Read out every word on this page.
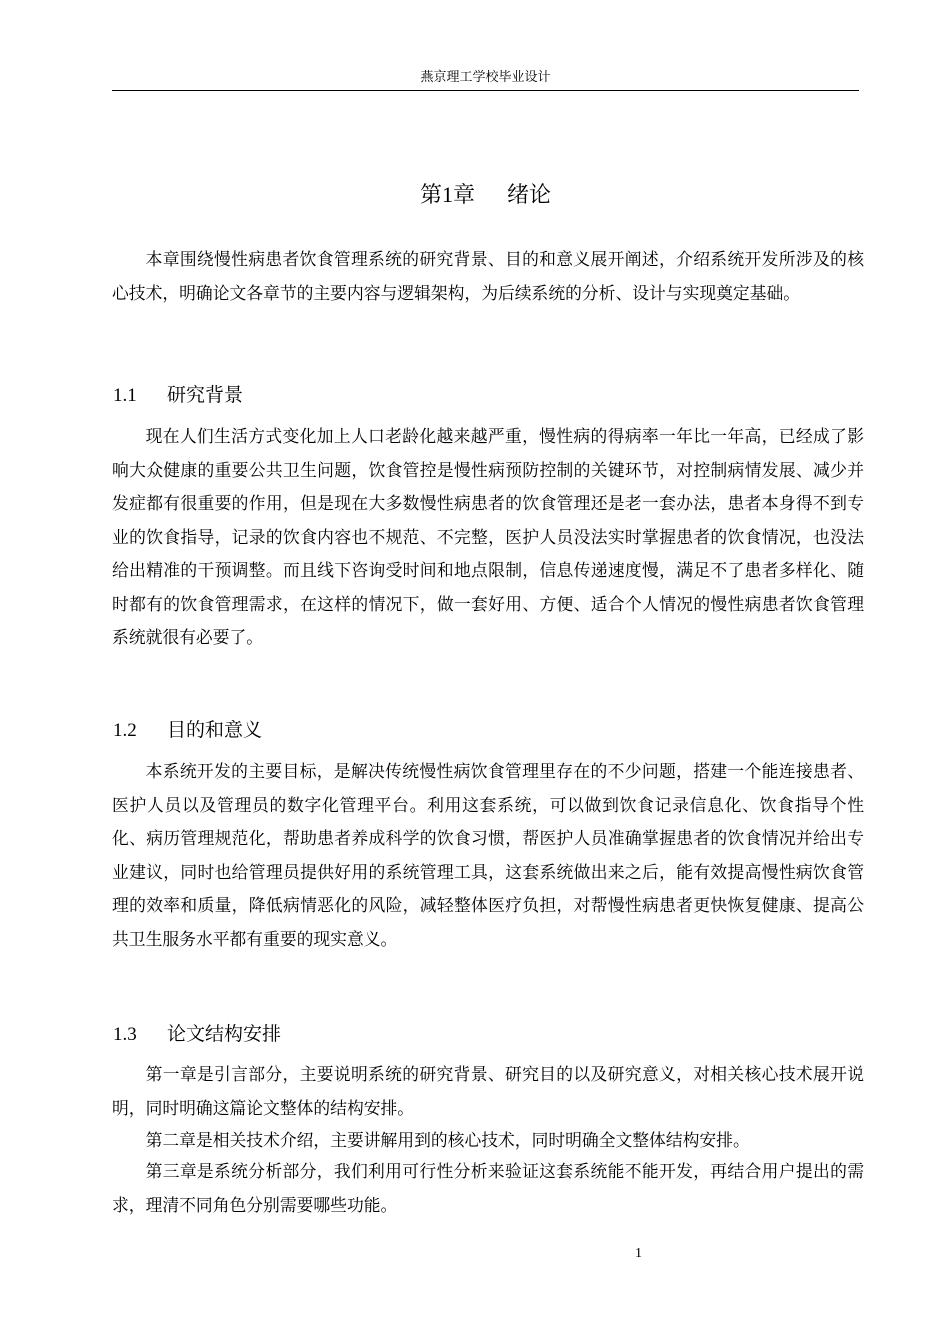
燕京理工学校毕业设计
第1章 绪论

本章围绕慢性病患者饮食管理系统的研究背景、目的和意义展开阐述，介绍系统开发所涉及的核心技术，明确论文各章节的主要内容与逻辑架构，为后续系统的分析、设计与实现奠定基础。

1.1 研究背景

现在人们生活方式变化加上人口老龄化越来越严重，慢性病的得病率一年比一年高，已经成了影响大众健康的重要公共卫生问题，饮食管控是慢性病预防控制的关键环节，对控制病情发展、减少并发症都有很重要的作用，但是现在大多数慢性病患者的饮食管理还是老一套办法，患者本身得不到专业的饮食指导，记录的饮食内容也不规范、不完整，医护人员没法实时掌握患者的饮食情况，也没法给出精准的干预调整。而且线下咨询受时间和地点限制，信息传递速度慢，满足不了患者多样化、随时都有的饮食管理需求，在这样的情况下，做一套好用、方便、适合个人情况的慢性病患者饮食管理系统就很有必要了。

1.2 目的和意义

本系统开发的主要目标，是解决传统慢性病饮食管理里存在的不少问题，搭建一个能连接患者、医护人员以及管理员的数字化管理平台。利用这套系统，可以做到饮食记录信息化、饮食指导个性化、病历管理规范化，帮助患者养成科学的饮食习惯，帮医护人员准确掌握患者的饮食情况并给出专业建议，同时也给管理员提供好用的系统管理工具，这套系统做出来之后，能有效提高慢性病饮食管理的效率和质量，降低病情恶化的风险，减轻整体医疗负担，对帮慢性病患者更快恢复健康、提高公共卫生服务水平都有重要的现实意义。

1.3 论文结构安排

第一章是引言部分，主要说明系统的研究背景、研究目的以及研究意义，对相关核心技术展开说明，同时明确这篇论文整体的结构安排。

第二章是相关技术介绍，主要讲解用到的核心技术，同时明确全文整体结构安排。

第三章是系统分析部分，我们利用可行性分析来验证这套系统能不能开发，再结合用户提出的需求，理清不同角色分别需要哪些功能。

1
